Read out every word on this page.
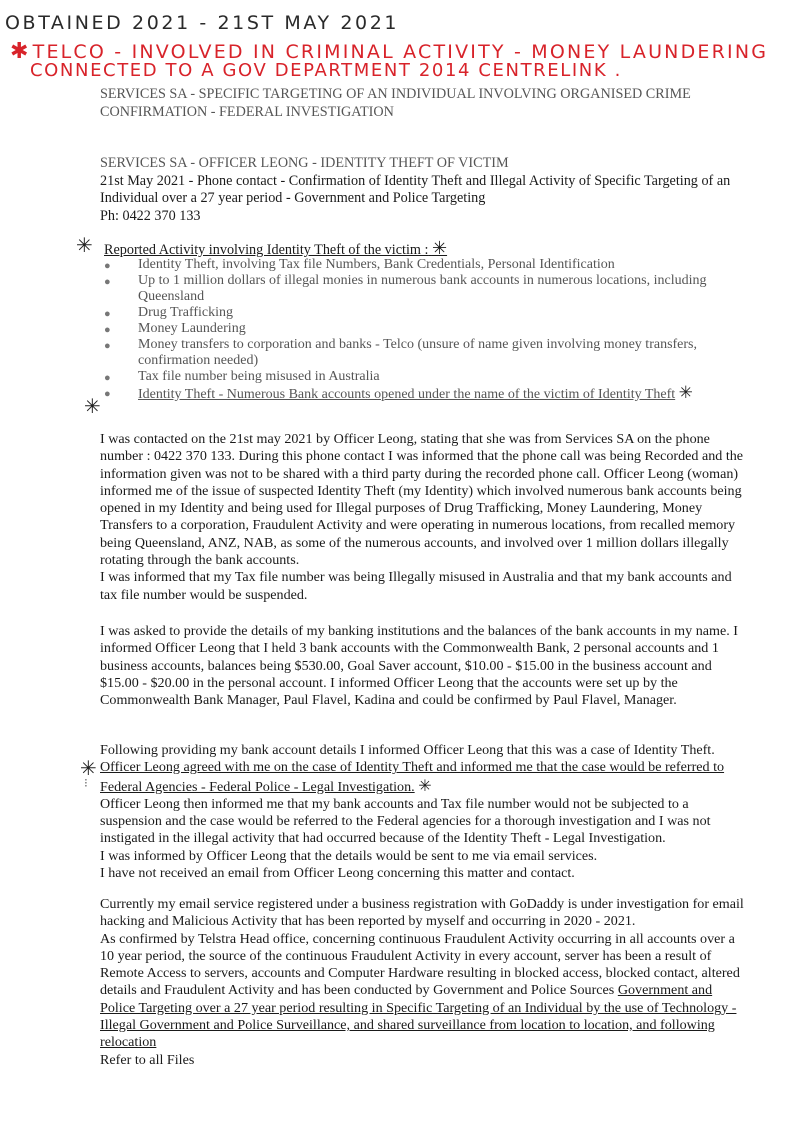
OBTAINED 2021 - 21ST MAY 2021
✱ TELCO - INVOLVED IN CRIMINAL ACTIVITY - MONEY LAUNDERING
CONNECTED TO A GOV DEPARTMENT 2014 CENTRELINK .
SERVICES SA - SPECIFIC TARGETING OF AN INDIVIDUAL INVOLVING ORGANISED CRIME
CONFIRMATION - FEDERAL INVESTIGATION
SERVICES SA - OFFICER LEONG - IDENTITY THEFT OF VICTIM
21st May 2021 - Phone contact - Confirmation of Identity Theft and Illegal Activity of Specific Targeting of an Individual over a 27 year period - Government and Police Targeting
Ph: 0422 370 133
✳ Reported Activity involving Identity Theft of the victim : ✳
● Identity Theft, involving Tax file Numbers, Bank Credentials, Personal Identification
● Up to 1 million dollars of illegal monies in numerous bank accounts in numerous locations, including Queensland
● Drug Trafficking
● Money Laundering
● Money transfers to corporation and banks - Telco (unsure of name given involving money transfers, confirmation needed)
● Tax file number being misused in Australia
● Identity Theft - Numerous Bank accounts opened under the name of the victim of Identity Theft ✳
✳
I was contacted on the 21st may 2021 by Officer Leong, stating that she was from Services SA on the phone number : 0422 370 133. During this phone contact I was informed that the phone call was being Recorded and the information given was not to be shared with a third party during the recorded phone call. Officer Leong (woman) informed me of the issue of suspected Identity Theft (my Identity) which involved numerous bank accounts being opened in my Identity and being used for Illegal purposes of Drug Trafficking, Money Laundering, Money Transfers to a corporation, Fraudulent Activity and were operating in numerous locations, from recalled memory being Queensland, ANZ, NAB, as some of the numerous accounts, and involved over 1 million dollars illegally rotating through the bank accounts.
I was informed that my Tax file number was being Illegally misused in Australia and that my bank accounts and tax file number would be suspended.
I was asked to provide the details of my banking institutions and the balances of the bank accounts in my name. I informed Officer Leong that I held 3 bank accounts with the Commonwealth Bank, 2 personal accounts and 1 business accounts, balances being $530.00, Goal Saver account, $10.00 - $15.00 in the business account and $15.00 - $20.00 in the personal account. I informed Officer Leong that the accounts were set up by the Commonwealth Bank Manager, Paul Flavel, Kadina and could be confirmed by Paul Flavel, Manager.
✳
⁝
Following providing my bank account details I informed Officer Leong that this was a case of Identity Theft. Officer Leong agreed with me on the case of Identity Theft and informed me that the case would be referred to Federal Agencies - Federal Police - Legal Investigation. ✳
Officer Leong then informed me that my bank accounts and Tax file number would not be subjected to a suspension and the case would be referred to the Federal agencies for a thorough investigation and I was not instigated in the illegal activity that had occurred because of the Identity Theft - Legal Investigation.
I was informed by Officer Leong that the details would be sent to me via email services.
I have not received an email from Officer Leong concerning this matter and contact.
Currently my email service registered under a business registration with GoDaddy is under investigation for email hacking and Malicious Activity that has been reported by myself and occurring in 2020 - 2021.
As confirmed by Telstra Head office, concerning continuous Fraudulent Activity occurring in all accounts over a 10 year period, the source of the continuous Fraudulent Activity in every account, server has been a result of Remote Access to servers, accounts and Computer Hardware resulting in blocked access, blocked contact, altered details and Fraudulent Activity and has been conducted by Government and Police Sources Government and Police Targeting over a 27 year period resulting in Specific Targeting of an Individual by the use of Technology - Illegal Government and Police Surveillance, and shared surveillance from location to location, and following relocation
Refer to all Files
